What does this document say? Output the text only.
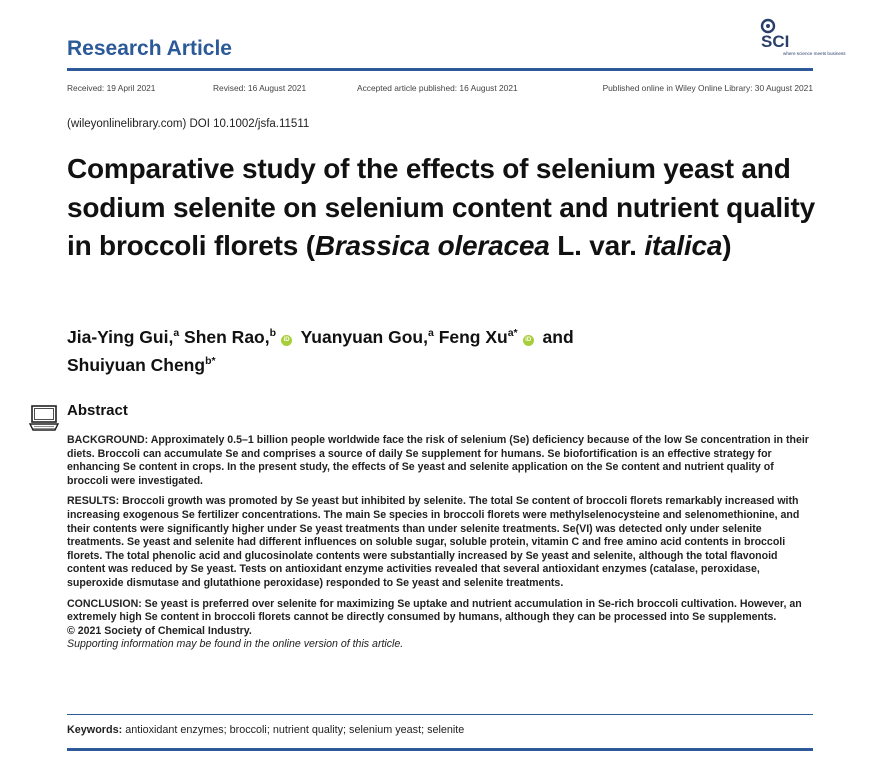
Research Article	SCI
where science meets business
Received: 19 April 2021	Revised: 16 August 2021	Accepted article published: 16 August 2021	Published online in Wiley Online Library: 30 August 2021
(wileyonlinelibrary.com) DOI 10.1002/jsfa.11511
Comparative study of the effects of selenium yeast and sodium selenite on selenium content and nutrient quality in broccoli florets (Brassica oleracea L. var. italica)
Jia-Ying Gui,$^a$ Shen Rao,$^b$iD Yuanyuan Gou,$^a$ Feng $Xu^{a*}iD$ and
Shuiyuan Cheng$^{b*}$
Abstract

BACKGROUND: Approximately 0.5–1 billion people worldwide face the risk of selenium (Se) deficiency because of the low Se concentration in their diets. Broccoli can accumulate Se and comprises a source of daily Se supplement for humans. Se biofortification is an effective strategy for enhancing Se content in crops. In the present study, the effects of Se yeast and selenite application on the Se content and nutrient quality of broccoli were investigated.

RESULTS: Broccoli growth was promoted by Se yeast but inhibited by selenite. The total Se content of broccoli florets remarkably increased with increasing exogenous Se fertilizer concentrations. The main Se species in broccoli florets were methylselenocysteine and selenomethionine, and their contents were significantly higher under Se yeast treatments than under selenite treatments. Se(VI) was detected only under selenite treatments. Se yeast and selenite had different influences on soluble sugar, soluble protein, vitamin C and free amino acid contents in broccoli florets. The total phenolic acid and glucosinolate contents were substantially increased by Se yeast and selenite, although the total flavonoid content was reduced by Se yeast. Tests on antioxidant enzyme activities revealed that several antioxidant enzymes (catalase, peroxidase, superoxide dismutase and glutathione peroxidase) responded to Se yeast and selenite treatments.

CONCLUSION: Se yeast is preferred over selenite for maximizing Se uptake and nutrient accumulation in Se-rich broccoli cultivation. However, an extremely high Se content in broccoli florets cannot be directly consumed by humans, although they can be processed into Se supplements.

© 2021 Society of Chemical Industry.

Supporting information may be found in the online version of this article.

Keywords: antioxidant enzymes; broccoli; nutrient quality; selenium yeast; selenite
